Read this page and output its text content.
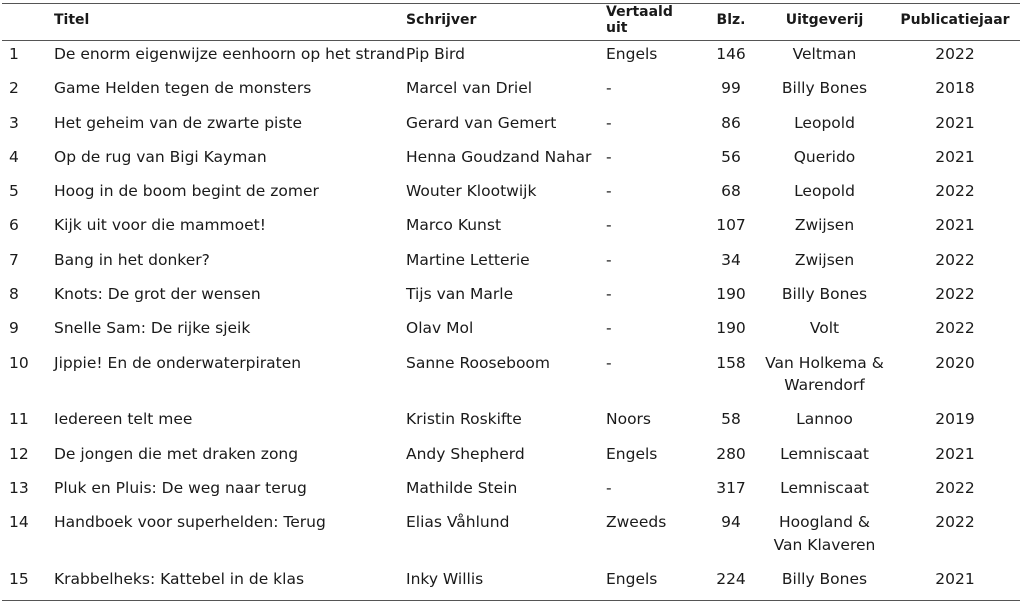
	Titel	Schrijver	Vertaald uit	Blz.	Uitgeverij	Publicatiejaar
1	De enorm eigenwijze eenhoorn op het strand	Pip Bird	Engels	146	Veltman	2022
2	Game Helden tegen de monsters	Marcel van Driel	-	99	Billy Bones	2018
3	Het geheim van de zwarte piste	Gerard van Gemert	-	86	Leopold	2021
4	Op de rug van Bigi Kayman	Henna Goudzand Nahar	-	56	Querido	2021
5	Hoog in de boom begint de zomer	Wouter Klootwijk	-	68	Leopold	2022
6	Kijk uit voor die mammoet!	Marco Kunst	-	107	Zwijsen	2021
7	Bang in het donker?	Martine Letterie	-	34	Zwijsen	2022
8	Knots: De grot der wensen	Tijs van Marle	-	190	Billy Bones	2022
9	Snelle Sam: De rijke sjeik	Olav Mol	-	190	Volt	2022
10	Jippie! En de onderwaterpiraten	Sanne Rooseboom	-	158	Van Holkema & Warendorf	2020
11	Iedereen telt mee	Kristin Roskifte	Noors	58	Lannoo	2019
12	De jongen die met draken zong	Andy Shepherd	Engels	280	Lemniscaat	2021
13	Pluk en Pluis: De weg naar terug	Mathilde Stein	-	317	Lemniscaat	2022
14	Handboek voor superhelden: Terug	Elias Våhlund	Zweeds	94	Hoogland & Van Klaveren	2022
15	Krabbelheks: Kattebel in de klas	Inky Willis	Engels	224	Billy Bones	2021
